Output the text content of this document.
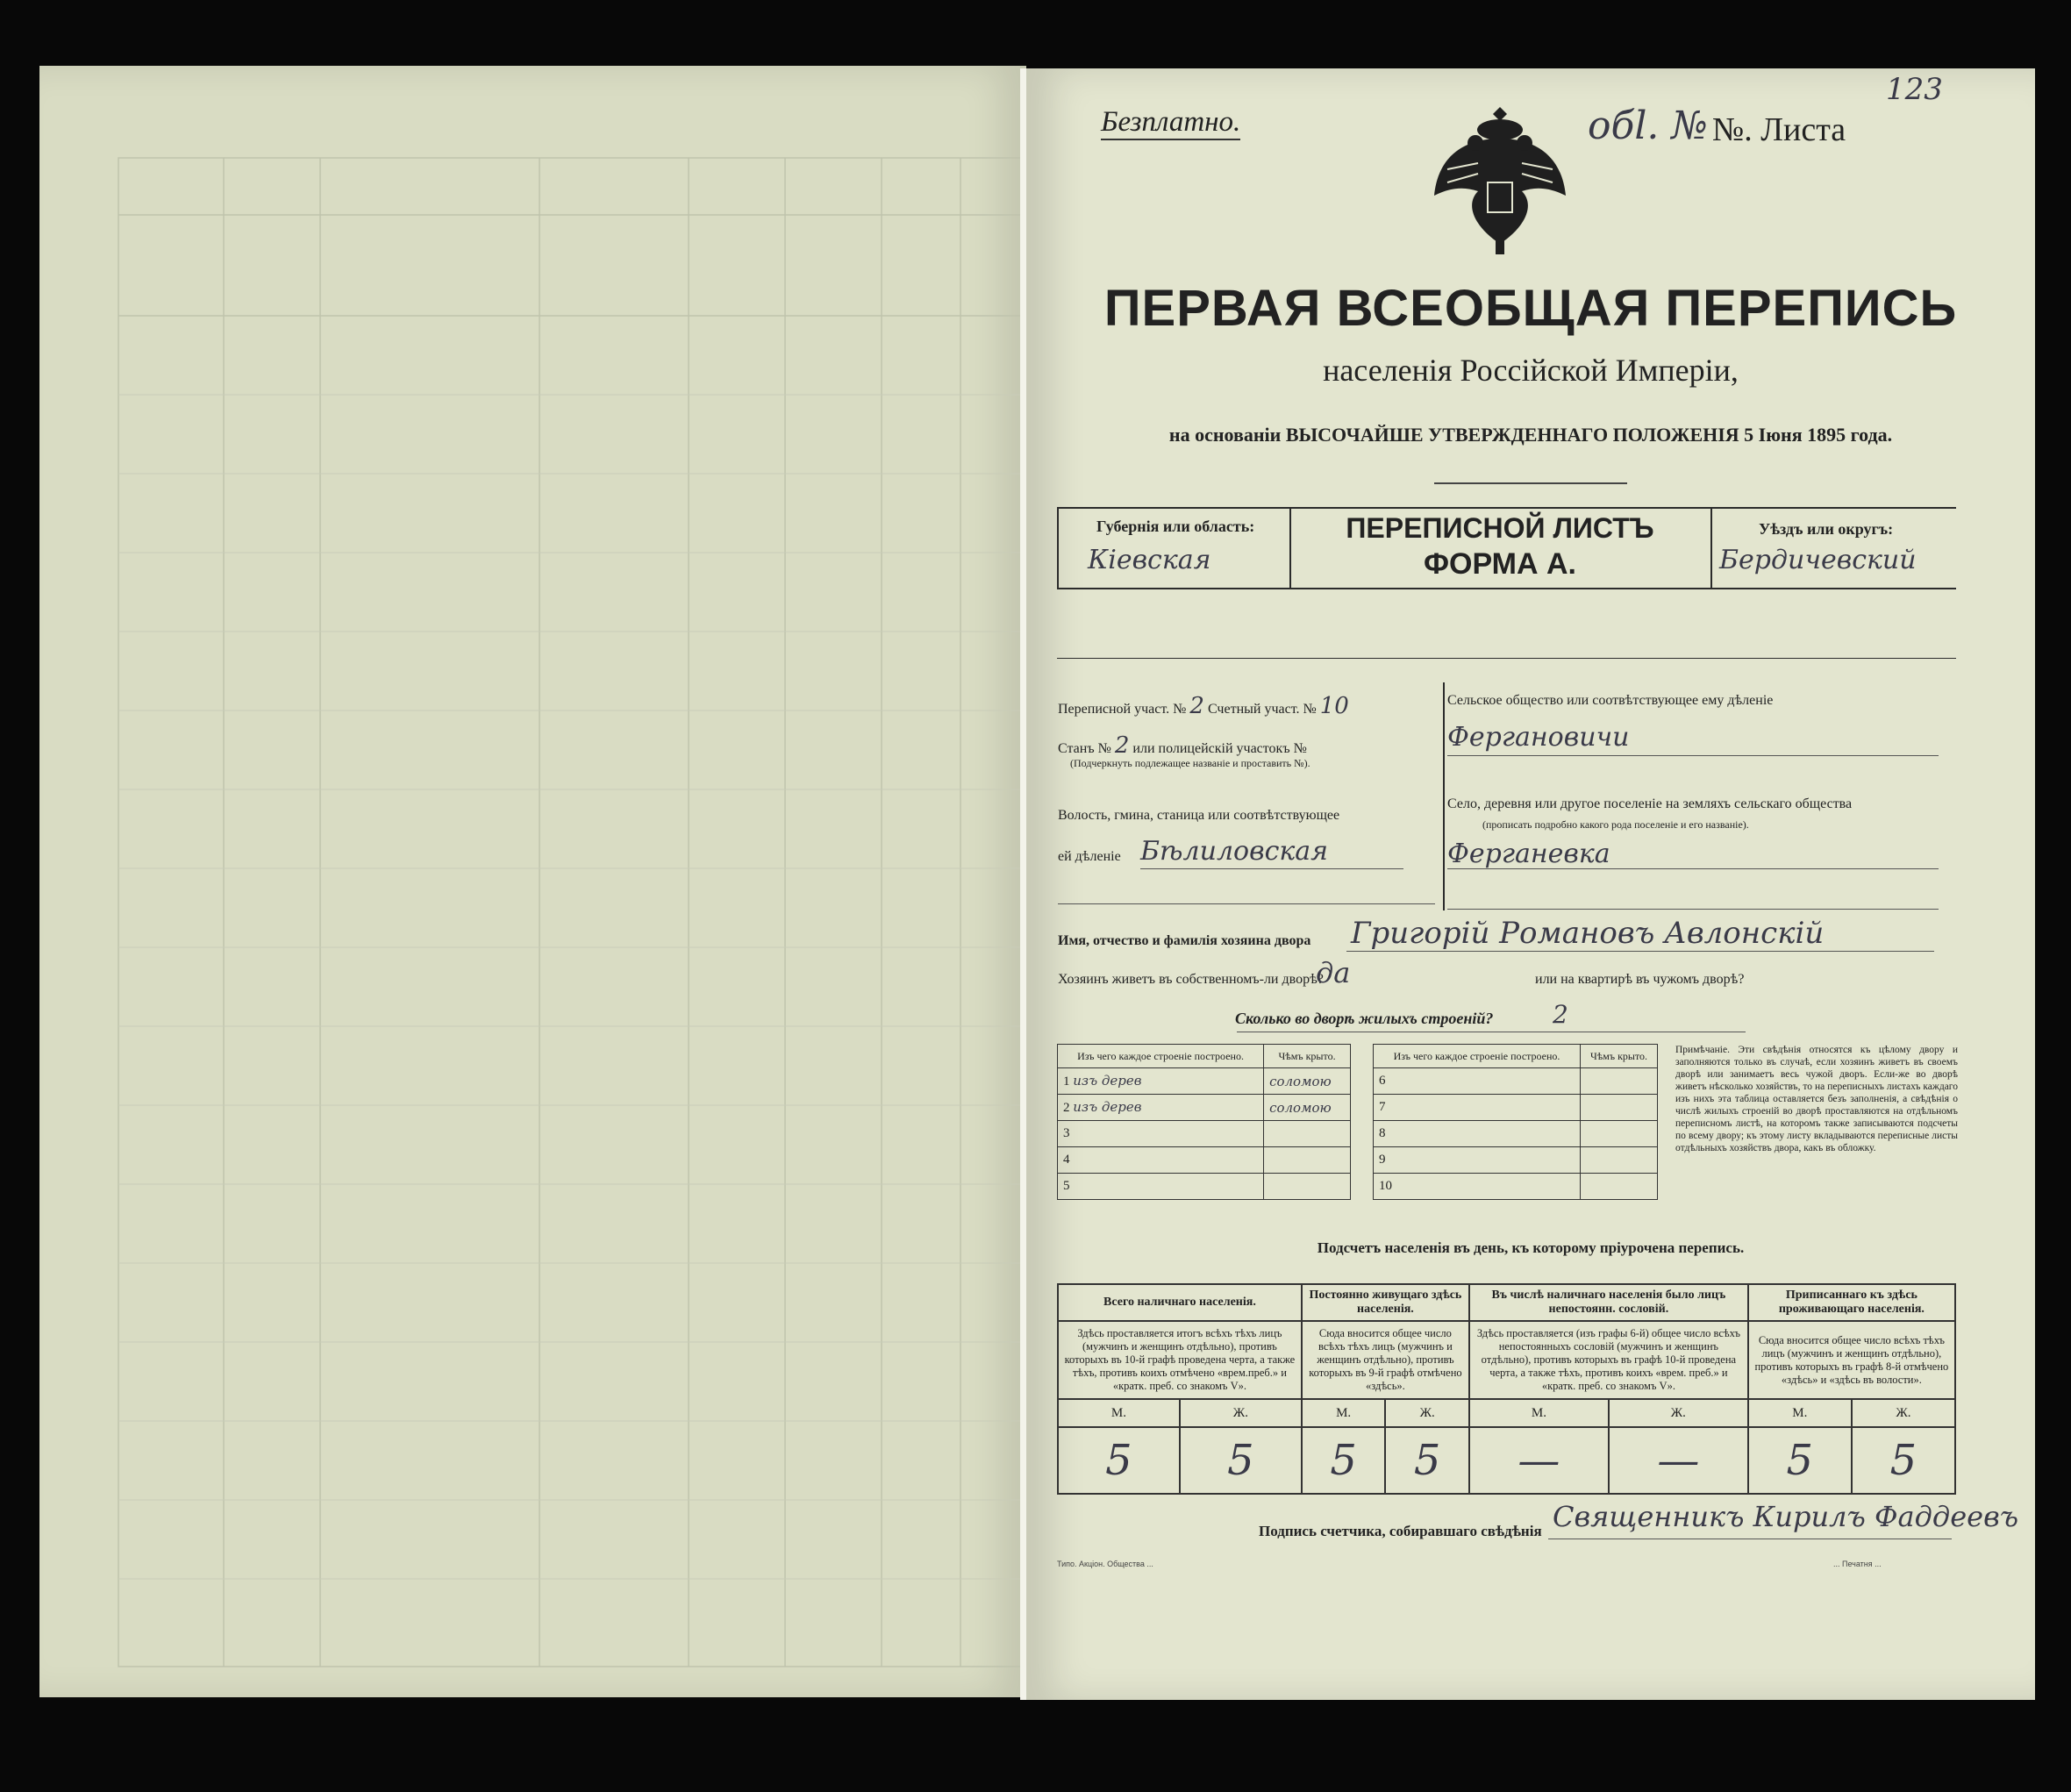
Безплатно.	обl. № №. Листа
123
ПЕРВАЯ ВСЕОБЩАЯ ПЕРЕПИСЬ
населенія Россійской Имперіи,
на основаніи ВЫСОЧАЙШЕ УТВЕРЖДЕННАГО ПОЛОЖЕНІЯ 5 Іюня 1895 года.
Губернія или область:
Кiевская
ПЕРЕПИСНОЙ ЛИСТЪ
ФОРМА А.
Уѣздъ или округъ:
Бердичевский
Переписной участ. № 2 Счетный участ. № 10
Станъ № 2 или полицейскій участокъ №
(Подчеркнуть подлежащее названіе и проставить №).
Волость, гмина, станица или соотвѣтствующее
ей дѣленіе Бѣлиловская
Сельское общество или соотвѣтствующее ему дѣленіе
Фергановичи
Село, деревня или другое поселеніе на земляхъ сельскаго общества
(прописать подробно какого рода поселеніе и его названіе).
Ферганевка
Имя, отчество и фамилія хозяина двора Григорій Романовъ Авлонскій
Хозяинъ живетъ въ собственномъ-ли дворѣ?
да	или на квартирѣ въ чужомъ дворѣ?
Сколько во дворѣ жилыхъ строеній? 2
Изъ чего каждое строеніе построено.	Чѣмъ крыто.
1 изъ дерев	соломою
2 изъ дерев	соломою
3	
4	
5	
Изъ чего каждое строеніе построено.	Чѣмъ крыто.
6	
7	
8	
9	
10	
Примѣчаніе. Эти свѣдѣнія относятся къ цѣлому двору и заполняются только въ случаѣ, если хозяинъ живетъ въ своемъ дворѣ или занимаетъ весь чужой дворъ. Если-же во дворѣ живетъ нѣсколько хозяйствъ, то на переписныхъ листахъ каждаго изъ нихъ эта таблица оставляется безъ заполненія, а свѣдѣнія о числѣ жилыхъ строеній во дворѣ проставляются на отдѣльномъ переписномъ листѣ, на которомъ также записываются подсчеты по всему двору; къ этому листу вкладываются переписные листы отдѣльныхъ хозяйствъ двора, какъ въ обложку.
Подсчетъ населенія въ день, къ которому пріурочена перепись.
Всего наличнаго населенія.		Постоянно живущаго здѣсь населенія.		Въ числѣ наличнаго населенія было лицъ непостоянн. сословій.		Приписаннаго къ здѣсь проживающаго населенія.	
Здѣсь проставляется итогъ всѣхъ тѣхъ лицъ (мужчинъ и женщинъ отдѣльно), противъ которыхъ въ 10-й графѣ проведена черта, а также тѣхъ, противъ коихъ отмѣчено «врем.преб.» и «кратк. преб. со знакомъ V».		Сюда вносится общее число всѣхъ тѣхъ лицъ (мужчинъ и женщинъ отдѣльно), противъ которыхъ въ 9-й графѣ отмѣчено «здѣсь».		Здѣсь проставляется (изъ графы 6-й) общее число всѣхъ непостоянныхъ сословій (мужчинъ и женщинъ отдѣльно), противъ которыхъ въ графѣ 10-й проведена черта, а также тѣхъ, противъ коихъ «врем. преб.» и «кратк. преб. со знакомъ V».		Сюда вносится общее число всѣхъ тѣхъ лицъ (мужчинъ и женщинъ отдѣльно), противъ которыхъ въ графѣ 8-й отмѣчено «здѣсь» и «здѣсь въ волости».	
М.	Ж.	М.	Ж.	М.	Ж.	М.	Ж.
5	5	5	5	—	—	5	5
Подпись счетчика, собиравшаго свѣдѣнія Священникъ Кирилъ Фаддеевъ
Типо. Акціон. Общества ...	... Печатня ...
